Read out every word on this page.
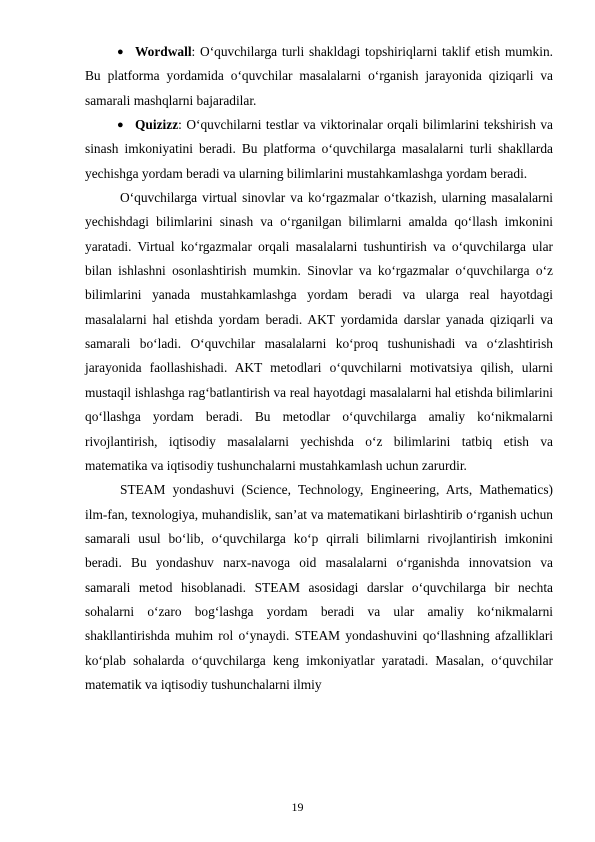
● Wordwall: O‘quvchilarga turli shakldagi topshiriqlarni taklif etish mumkin. Bu platforma yordamida o‘quvchilar masalalarni o‘rganish jarayonida qiziqarli va samarali mashqlarni bajaradilar.
● Quizizz: O‘quvchilarni testlar va viktorinalar orqali bilimlarini tekshirish va sinash imkoniyatini beradi. Bu platforma o‘quvchilarga masalalarni turli shakllarda yechishga yordam beradi va ularning bilimlarini mustahkamlashga yordam beradi.

O‘quvchilarga virtual sinovlar va ko‘rgazmalar o‘tkazish, ularning masalalarni yechishdagi bilimlarini sinash va o‘rganilgan bilimlarni amalda qo‘llash imkonini yaratadi. Virtual ko‘rgazmalar orqali masalalarni tushuntirish va o‘quvchilarga ular bilan ishlashni osonlashtirish mumkin. Sinovlar va ko‘rgazmalar o‘quvchilarga o‘z bilimlarini yanada mustahkamlashga yordam beradi va ularga real hayotdagi masalalarni hal etishda yordam beradi. AKT yordamida darslar yanada qiziqarli va samarali bo‘ladi. O‘quvchilar masalalarni ko‘proq tushunishadi va o‘zlashtirish jarayonida faollashishadi. AKT metodlari o‘quvchilarni motivatsiya qilish, ularni mustaqil ishlashga rag‘batlantirish va real hayotdagi masalalarni hal etishda bilimlarini qo‘llashga yordam beradi. Bu metodlar o‘quvchilarga amaliy ko‘nikmalarni rivojlantirish, iqtisodiy masalalarni yechishda o‘z bilimlarini tatbiq etish va matematika va iqtisodiy tushunchalarni mustahkamlash uchun zarurdir.

STEAM yondashuvi (Science, Technology, Engineering, Arts, Mathematics) ilm-fan, texnologiya, muhandislik, san’at va matematikani birlashtirib o‘rganish uchun samarali usul bo‘lib, o‘quvchilarga ko‘p qirrali bilimlarni rivojlantirish imkonini beradi. Bu yondashuv narx-navoga oid masalalarni o‘rganishda innovatsion va samarali metod hisoblanadi. STEAM asosidagi darslar o‘quvchilarga bir nechta sohalarni o‘zaro bog‘lashga yordam beradi va ular amaliy ko‘nikmalarni shakllantirishda muhim rol o‘ynaydi. STEAM yondashuvini qo‘llashning afzalliklari ko‘plab sohalarda o‘quvchilarga keng imkoniyatlar yaratadi. Masalan, o‘quvchilar matematik va iqtisodiy tushunchalarni ilmiy

19
